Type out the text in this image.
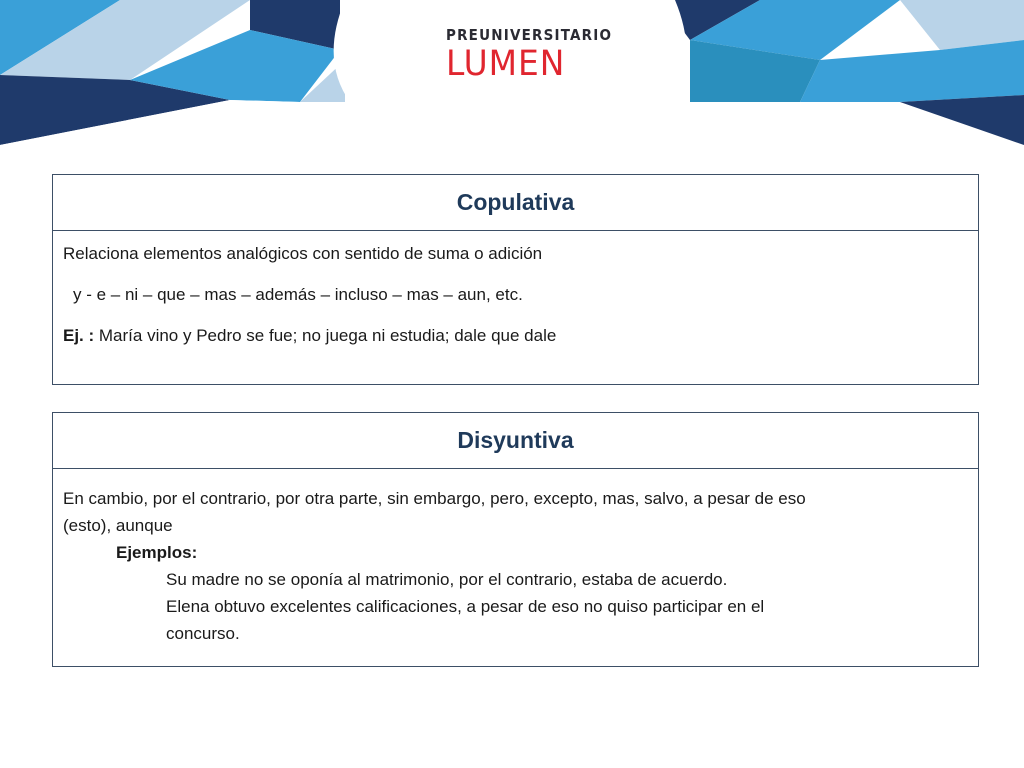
PREUNIVERSITARIO
LUMEN
Copulativa
Relaciona elementos analógicos con sentido de suma o adición
y - e – ni – que – mas – además – incluso – mas – aun, etc.
Ej. : María vino y Pedro se fue; no juega ni estudia; dale que dale
Disyuntiva
En cambio, por el contrario, por otra parte, sin embargo, pero, excepto, mas, salvo, a pesar de eso
(esto), aunque
Ejemplos:
Su madre no se oponía al matrimonio, por el contrario, estaba de acuerdo.
Elena obtuvo excelentes calificaciones, a pesar de eso no quiso participar en el
concurso.
